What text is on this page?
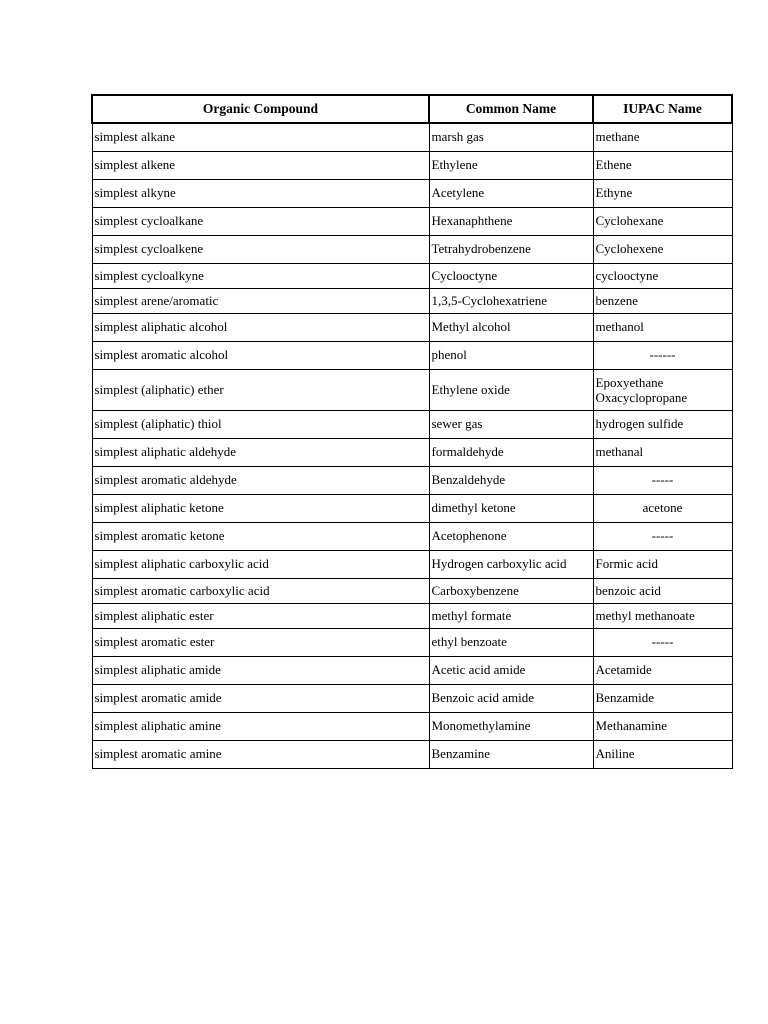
Organic Compound	Common Name	IUPAC Name
simplest alkane	marsh gas	methane
simplest alkene	Ethylene	Ethene
simplest alkyne	Acetylene	Ethyne
simplest cycloalkane	Hexanaphthene	Cyclohexane
simplest cycloalkene	Tetrahydrobenzene	Cyclohexene
simplest cycloalkyne	Cyclooctyne	cyclooctyne
simplest arene/aromatic	1,3,5-Cyclohexatriene	benzene
simplest aliphatic alcohol	Methyl alcohol	methanol
simplest aromatic alcohol	phenol	------
simplest (aliphatic) ether	Ethylene oxide	Epoxyethane Oxacyclopropane
simplest (aliphatic) thiol	sewer gas	hydrogen sulfide
simplest aliphatic aldehyde	formaldehyde	methanal
simplest aromatic aldehyde	Benzaldehyde	-----
simplest aliphatic ketone	dimethyl ketone	acetone
simplest aromatic ketone	Acetophenone	-----
simplest aliphatic carboxylic acid	Hydrogen carboxylic acid	Formic acid
simplest aromatic carboxylic acid	Carboxybenzene	benzoic acid
simplest aliphatic ester	methyl formate	methyl methanoate
simplest aromatic ester	ethyl benzoate	-----
simplest aliphatic amide	Acetic acid amide	Acetamide
simplest aromatic amide	Benzoic acid amide	Benzamide
simplest aliphatic amine	Monomethylamine	Methanamine
simplest aromatic amine	Benzamine	Aniline
